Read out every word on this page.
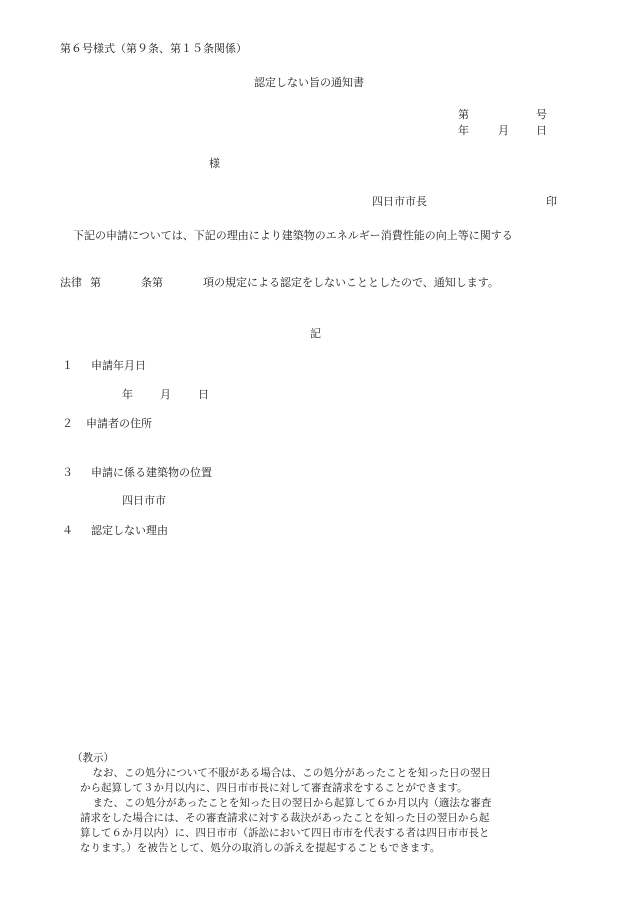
第６号様式（第９条、第１５条関係）
認定しない旨の通知書
第	号
年	月 日
様
四日市市長	印
下記の申請については、下記の理由により建築物のエネルギー消費性能の向上等に関する
法律 第	条第	項の規定による認定をしないこととしたので、通知します。
記
１ 申請年月日
年 月 日
２ 申請者の住所
３ 申請に係る建築物の位置
四日市市
４ 認定しない理由

（教示）

なお、この処分について不服がある場合は、この処分があったことを知った日の翌日

から起算して３か月以内に、四日市市長に対して審査請求をすることができます。

また、この処分があったことを知った日の翌日から起算して６か月以内（適法な審査

請求をした場合には、その審査請求に対する裁決があったことを知った日の翌日から起

算して６か月以内）に、四日市市（訴訟において四日市市を代表する者は四日市市長と

なります。）を被告として、処分の取消しの訴えを提起することもできます。
